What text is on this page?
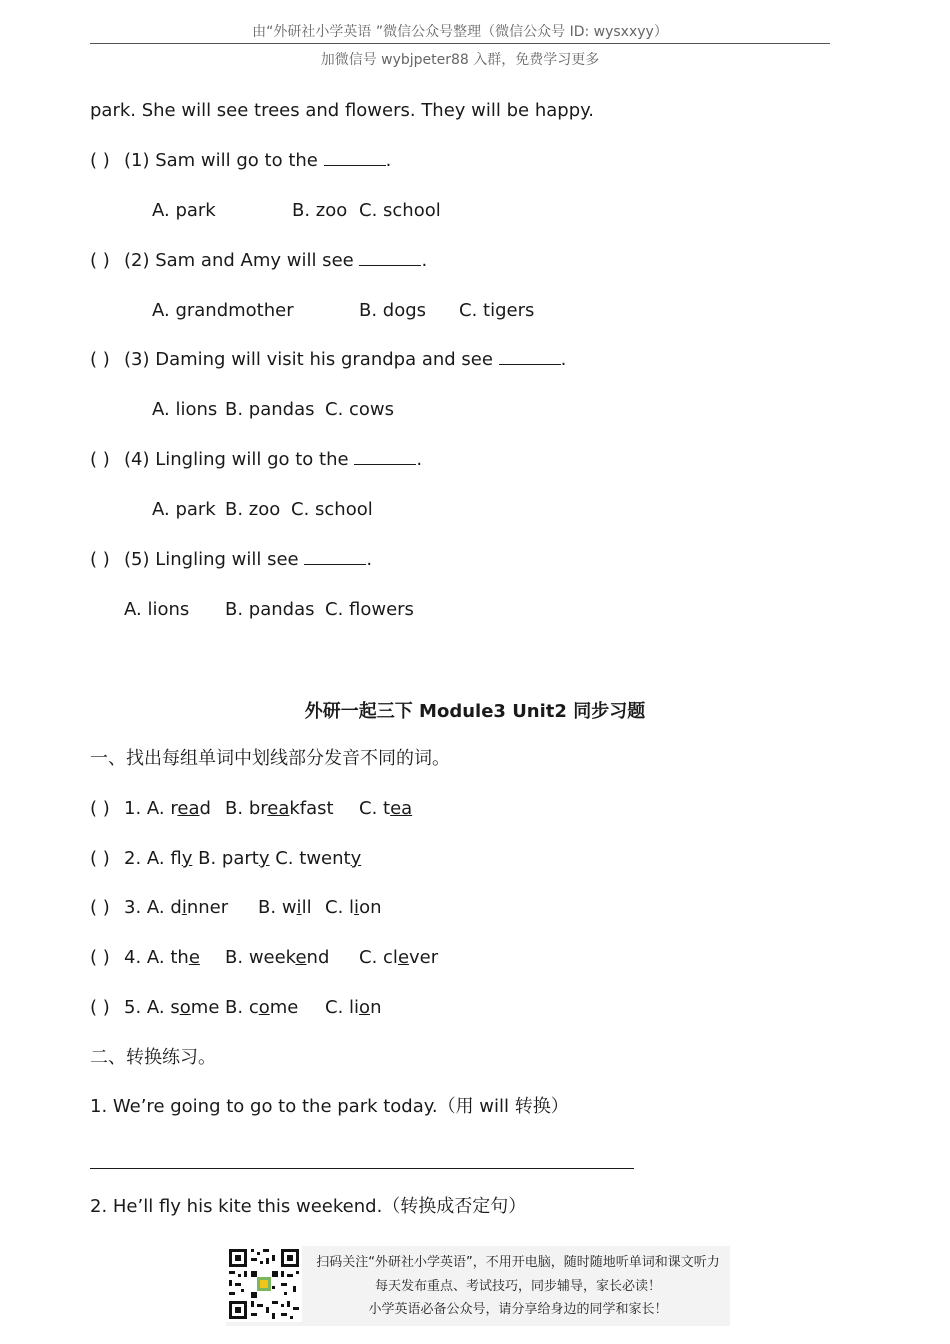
由“外研社小学英语 ”微信公众号整理（微信公众号 ID: wysxxyy）
加微信号 wybjpeter88 入群，免费学习更多
park. She will see trees and flowers. They will be happy.
( ) (1) Sam will go to the	.
A. park	B. zoo C. school
( ) (2) Sam and Amy will see	.
A. grandmother	B. dogs C. tigers
( ) (3) Daming will visit his grandpa and see	.
A. lions B. pandas C. cows
( ) (4) Lingling will go to the	.
A. park B. zoo C. school
( ) (5) Lingling will see	.
A. lions B. pandas C. flowers
外研一起三下 Module3 Unit2 同步习题
一、找出每组单词中划线部分发音不同的词。
( ) 1. A. read B. breakfast C. tea
( ) 2. A. fly B. party C. twenty
( ) 3. A. dinner B. will C. lion
( ) 4. A. the B. weekend C. clever
( ) 5. A. some B. come C. lion
二、转换练习。
1. We’re going to go to the park today.（用 will 转换）
2. He’ll fly his kite this weekend.（转换成否定句）
扫码关注“外研社小学英语”，不用开电脑，随时随地听单词和课文听力
每天发布重点、考试技巧，同步辅导，家长必读！
小学英语必备公众号，请分享给身边的同学和家长！
